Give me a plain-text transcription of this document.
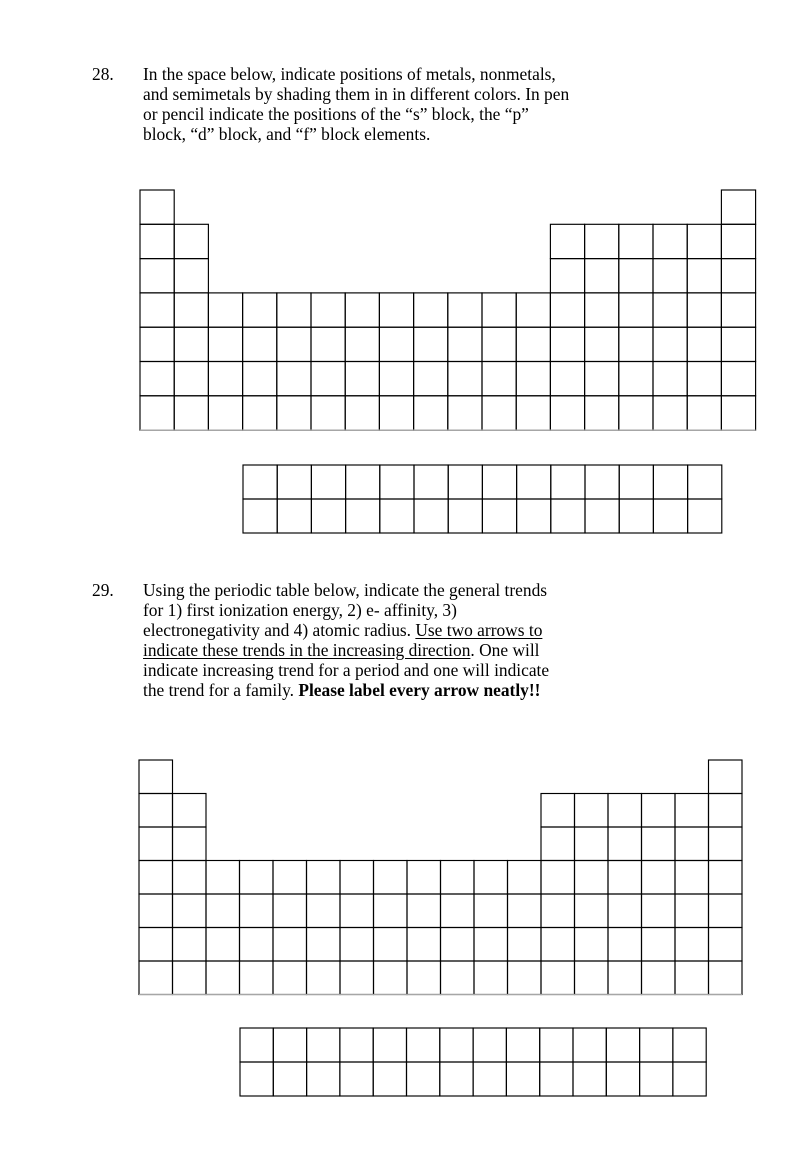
28. In the space below, indicate positions of metals, nonmetals,
and semimetals by shading them in in different colors. In pen
or pencil indicate the positions of the “s” block, the “p”
block, “d” block, and “f” block elements.
29. Using the periodic table below, indicate the general trends
for 1) first ionization energy, 2) e- affinity, 3)
electronegativity and 4) atomic radius. Use two arrows to
indicate these trends in the increasing direction. One will
indicate increasing trend for a period and one will indicate
the trend for a family. Please label every arrow neatly!!
